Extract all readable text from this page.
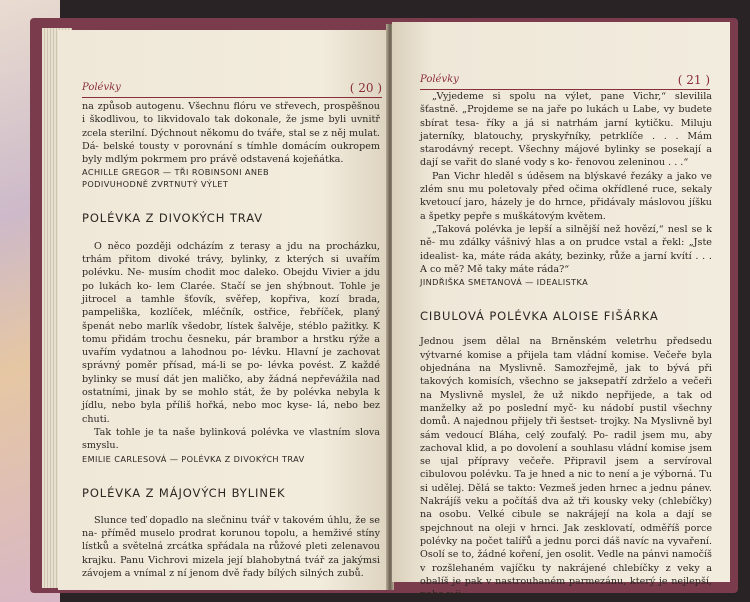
Polévky	( 20 )

na způsob autogenu. Všechnu flóru ve střevech, prospěšnou i škodlivou, to likvidovalo tak dokonale, že jsme byli uvnitř zcela sterilní. Dýchnout někomu do tváře, stal se z něj mulat. Dá- belské tousty v porovnání s tímhle domácím oukropem byly mdlým pokrmem pro právě odstavená kojeňátka.

ACHILLE GREGOR — TŘI ROBINSONI ANEB
PODIVUHODNĚ ZVRTNUTÝ VÝLET

POLÉVKA Z DIVOKÝCH TRAV

O něco později odcházím z terasy a jdu na procházku, trhám přitom divoké trávy, bylinky, z kterých si uvařím polévku. Ne- musím chodit moc daleko. Obejdu Vivier a jdu po lukách ko- lem Clarée. Stačí se jen shýbnout. Tohle je jitrocel a tamhle šťovík, svěřep, kopřiva, kozí brada, pampeliška, kozlíček, mléčník, ostřice, řebříček, planý špenát nebo marlík všedobr, lístek šalvěje, stéblo pažitky. K tomu přidám trochu česneku, pár brambor a hrstku rýže a uvařím vydatnou a lahodnou po- lévku. Hlavní je zachovat správný poměr přísad, má-li se po- lévka povést. Z každé bylinky se musí dát jen maličko, aby žádná nepřevážila nad ostatními, jinak by se mohlo stát, že by polévka nebyla k jídlu, nebo byla příliš hořká, nebo moc kyse- lá, nebo bez chuti.

Tak tohle je ta naše bylinková polévka ve vlastním slova smyslu.

EMILIE CARLESOVÁ — POLÉVKA Z DIVOKÝCH TRAV

POLÉVKA Z MÁJOVÝCH BYLINEK

Slunce teď dopadlo na slečninu tvář v takovém úhlu, že se na- příměd muselo prodrat korunou topolu, a hemživé stíny lístků a světelná zrcátka spřádala na růžové pleti zelenavou krajku. Panu Vichrovi mizela její blahobytná tvář za jakýmsi závojem a vnímal z ní jenom dvě řady bílých silných zubů.

Polévky	( 21 )

„Vyjedeme si spolu na výlet, pane Vichr,“ slevilila šťastně. „Projdeme se na jaře po lukách u Labe, vy budete sbírat tesa- říky a já si natrhám jarní kytičku. Miluju jaterníky, blatouchy, pryskyřníky, petrklíče . . . Mám starodávný recept. Všechny májové bylinky se posekají a dají se vařit do slané vody s ko- řenovou zeleninou . . .“

Pan Vichr hleděl s úděsem na blýskavé řezáky a jako ve zlém snu mu poletovaly před očima okřídlené ruce, sekaly kvetoucí jaro, házely je do hrnce, přidávaly máslovou jíšku a špetky pepře s muškátovým květem.

„Taková polévka je lepší a silnější než hovězí,“ nesl se k ně- mu zdálky vášnivý hlas a on prudce vstal a řekl: „Jste idealist- ka, máte ráda akáty, bezinky, růže a jarní kvítí . . . A co mě? Mě taky máte ráda?“

JINDŘIŠKA SMETANOVÁ — IDEALISTKA

CIBULOVÁ POLÉVKA ALOISE FIŠÁRKA

Jednou jsem dělal na Brněnském veletrhu předsedu výtvarné komise a přijela tam vládní komise. Večeře byla objednána na Myslivně. Samozřejmě, jak to bývá při takových komisích, všechno se jaksepatří zdrželo a večeři na Myslivně myslel, že už nikdo nepřijede, a tak od manželky až po poslední myč- ku nádobí pustil všechny domů. A najednou přijely tři šestset- trojky. Na Myslivně byl sám vedoucí Bláha, celý zoufalý. Po- radil jsem mu, aby zachoval klid, a po dovolení a souhlasu vládní komise jsem se ujal přípravy večeře. Připravil jsem a servíroval cibulovou polévku. Ta je hned a nic to není a je výborná. Tu si udělej. Dělá se takto: Vezmeš jeden hrnec a jednu pánev. Nakrájíš veku a počítáš dva až tři kousky veky (chlebíčky) na osobu. Velké cibule se nakrájejí na kola a dají se spejchnout na oleji v hrnci. Jak zesklovatí, odměříš porce polévky na počet talířů a jednu porci dáš navíc na vyvaření. Osolí se to, žádné koření, jen osolit. Vedle na pánvi namočíš v rozšlehaném vajíčku ty nakrájené chlebíčky z veky a obalíš je pak v nastrouhaném parmezánu, který je nejlepší, nebo v ji-
